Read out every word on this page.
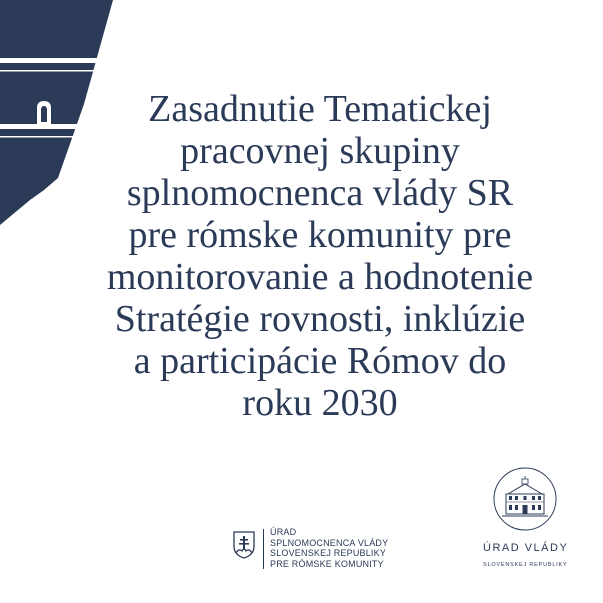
Zasadnutie Tematickej
pracovnej skupiny
splnomocnenca vlády SR
pre rómske komunity pre
monitorovanie a hodnotenie
Stratégie rovnosti, inklúzie
a participácie Rómov do
roku 2030
ÚRAD
SPLNOMOCNENCA VLÁDY
SLOVENSKEJ REPUBLIKY
PRE RÓMSKE KOMUNITY
ÚRAD VLÁDY
SLOVENSKEJ REPUBLIKY
